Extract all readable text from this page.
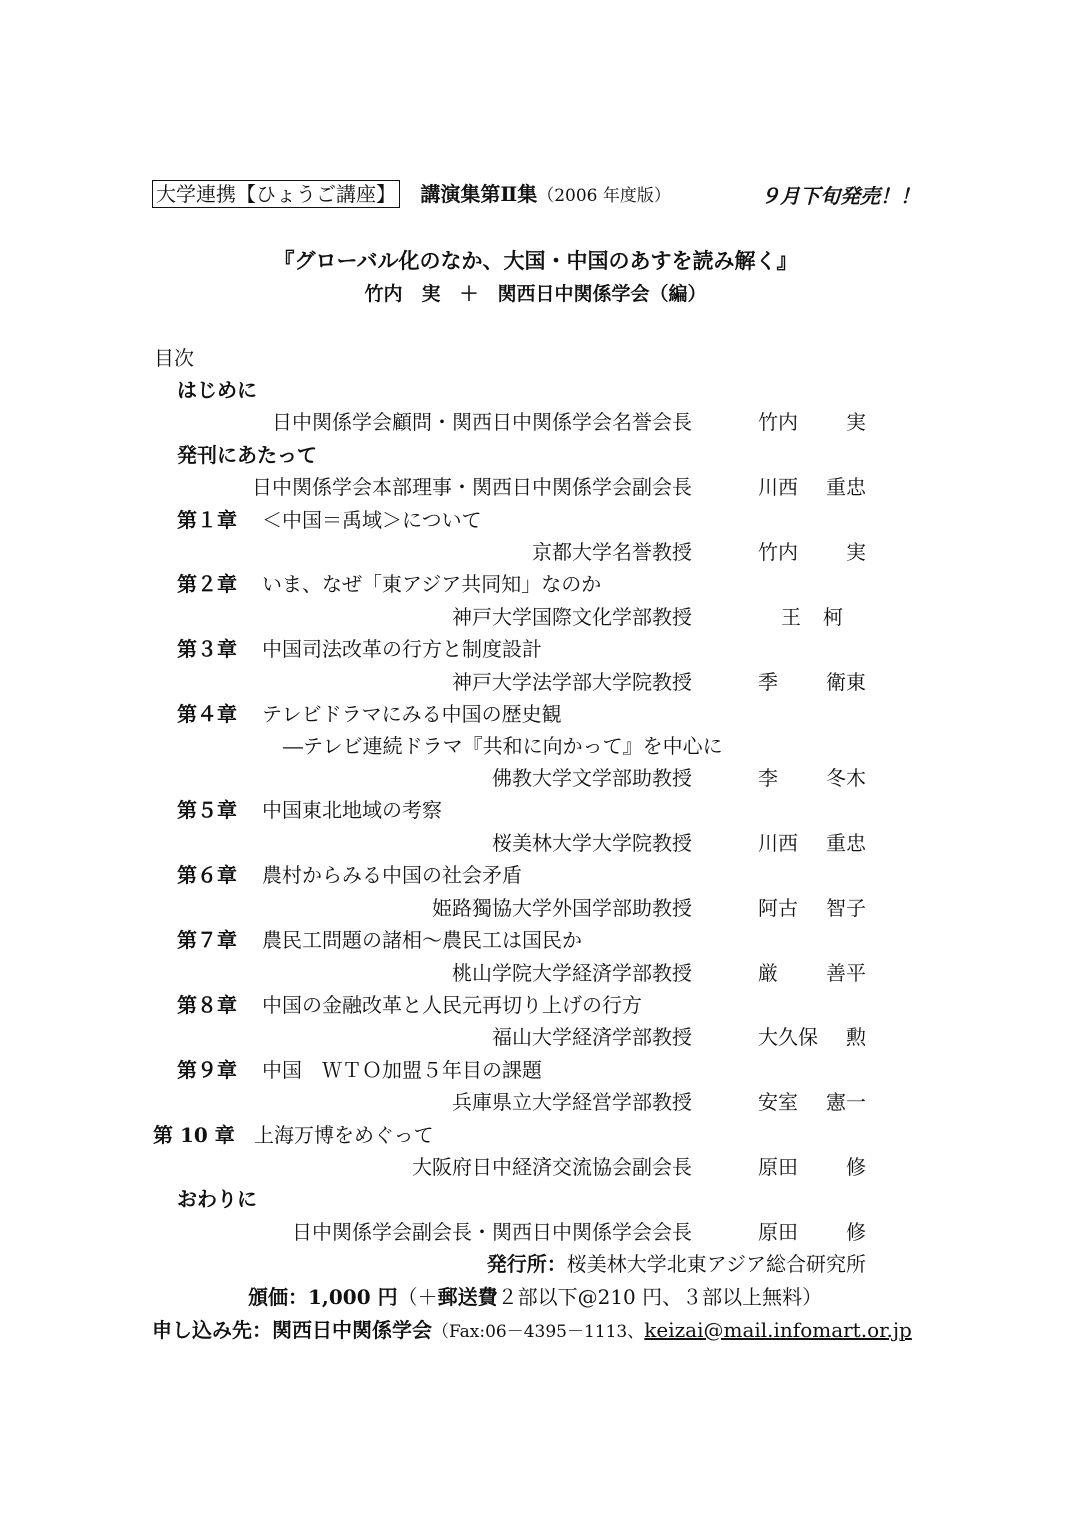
大学連携【ひょうご講座】 講演集第Ⅱ集（2006 年度版）	９月下旬発売！！
『グローバル化のなか、大国・中国のあすを読み解く』
竹内　実　＋　関西日中関係学会（編）
目次
はじめに
日中関係学会顧問・関西日中関係学会名誉会長	竹内 実
発刊にあたって
日中関係学会本部理事・関西日中関係学会副会長	川西 重忠
第１章 ＜中国＝禹域＞について
京都大学名誉教授	竹内 実
第２章 いま、なぜ「東アジア共同知」なのか
神戸大学国際文化学部教授	王 柯
第３章 中国司法改革の行方と制度設計
神戸大学法学部大学院教授	季 衛東
第４章 テレビドラマにみる中国の歴史観
―テレビ連続ドラマ『共和に向かって』を中心に
佛教大学文学部助教授	李 冬木
第５章 中国東北地域の考察
桜美林大学大学院教授	川西 重忠
第６章 農村からみる中国の社会矛盾
姫路獨協大学外国学部助教授	阿古 智子
第７章 農民工問題の諸相～農民工は国民か
桃山学院大学経済学部教授	厳 善平
第８章 中国の金融改革と人民元再切り上げの行方
福山大学経済学部教授	大久保 勲
第９章 中国　ＷＴＯ加盟５年目の課題
兵庫県立大学経営学部教授	安室 憲一
第 10 章 上海万博をめぐって
大阪府日中経済交流協会副会長	原田 修
おわりに
日中関係学会副会長・関西日中関係学会会長	原田 修
発行所：桜美林大学北東アジア総合研究所
頒価：1,000 円（＋郵送費２部以下@210 円、３部以上無料）
申し込み先：関西日中関係学会（Fax:06－4395－1113、keizai@mail.infomart.or.jp
